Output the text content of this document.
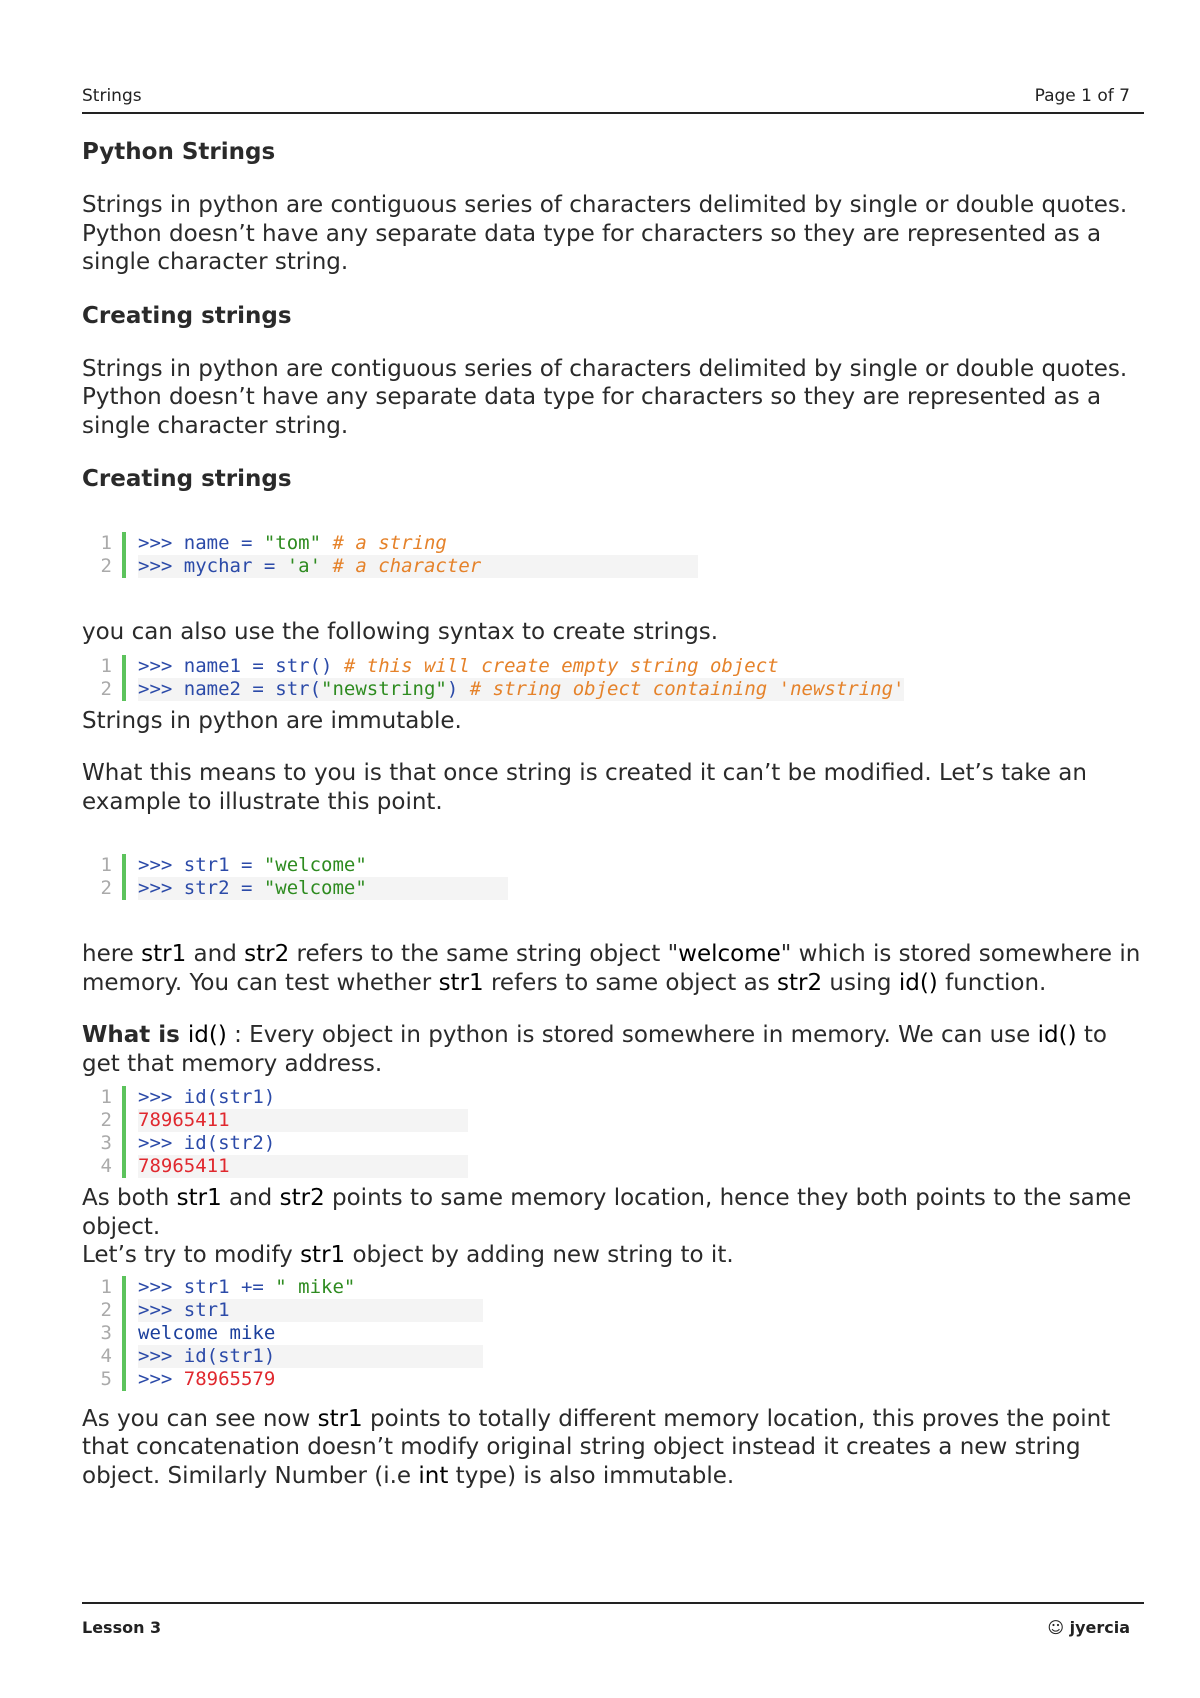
Strings	Page 1 of 7
Python Strings

Strings in python are contiguous series of characters delimited by single or double quotes. Python doesn’t have any separate data type for characters so they are represented as a single character string.

Creating strings

Strings in python are contiguous series of characters delimited by single or double quotes. Python doesn’t have any separate data type for characters so they are represented as a single character string.

Creating strings
1 >>> name = "tom" # a string
2 >>> mychar = 'a' # a character

you can also use the following syntax to create strings.

1 >>> name1 = str() # this will create empty string object
2 >>> name2 = str("newstring") # string object containing 'newstring'

Strings in python are immutable.

What this means to you is that once string is created it can’t be modified. Let’s take an example to illustrate this point.

1 >>> str1 = "welcome"
2 >>> str2 = "welcome"

here str1 and str2 refers to the same string object "welcome" which is stored somewhere in memory. You can test whether str1 refers to same object as str2 using id() function.

What is id() : Every object in python is stored somewhere in memory. We can use id() to get that memory address.

1 >>> id(str1)
2 78965411
3 >>> id(str2)
4 78965411

As both str1 and str2 points to same memory location, hence they both points to the same object.

Let’s try to modify str1 object by adding new string to it.

1 >>> str1 += " mike"
2 >>> str1
3 welcome mike
4 >>> id(str1)
5 >>> 78965579

As you can see now str1 points to totally different memory location, this proves the point that concatenation doesn’t modify original string object instead it creates a new string object. Similarly Number (i.e int type) is also immutable.

Lesson 3	☺ jyercia
